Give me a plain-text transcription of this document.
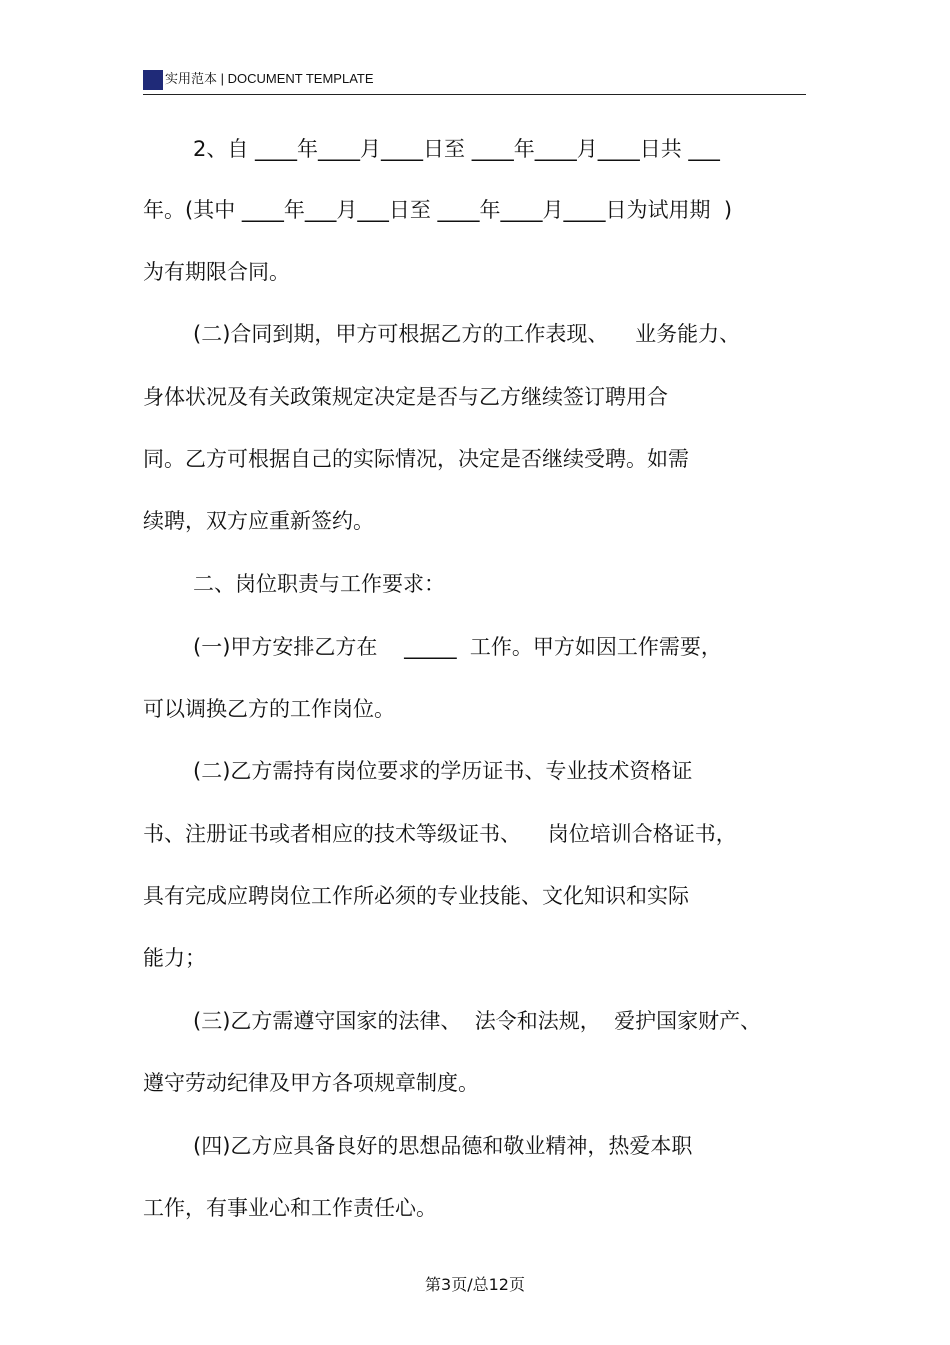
实用范本 | DOCUMENT TEMPLATE
2、自 ____年____月____日至 ____年____月____日共 ___
年。(其中 ____年___月___日至 ____年____月____日为试用期  )
为有期限合同。
(二)合同到期，甲方可根据乙方的工作表现、    业务能力、
身体状况及有关政策规定决定是否与乙方继续签订聘用合
同。乙方可根据自己的实际情况，决定是否继续受聘。如需
续聘，双方应重新签约。
二、岗位职责与工作要求：
(一)甲方安排乙方在    _____  工作。甲方如因工作需要，
可以调换乙方的工作岗位。
(二)乙方需持有岗位要求的学历证书、专业技术资格证
书、注册证书或者相应的技术等级证书、    岗位培训合格证书，
具有完成应聘岗位工作所必须的专业技能、文化知识和实际
能力；
(三)乙方需遵守国家的法律、  法令和法规，  爱护国家财产、
遵守劳动纪律及甲方各项规章制度。
(四)乙方应具备良好的思想品德和敬业精神，热爱本职
工作，有事业心和工作责任心。
第3页/总12页
